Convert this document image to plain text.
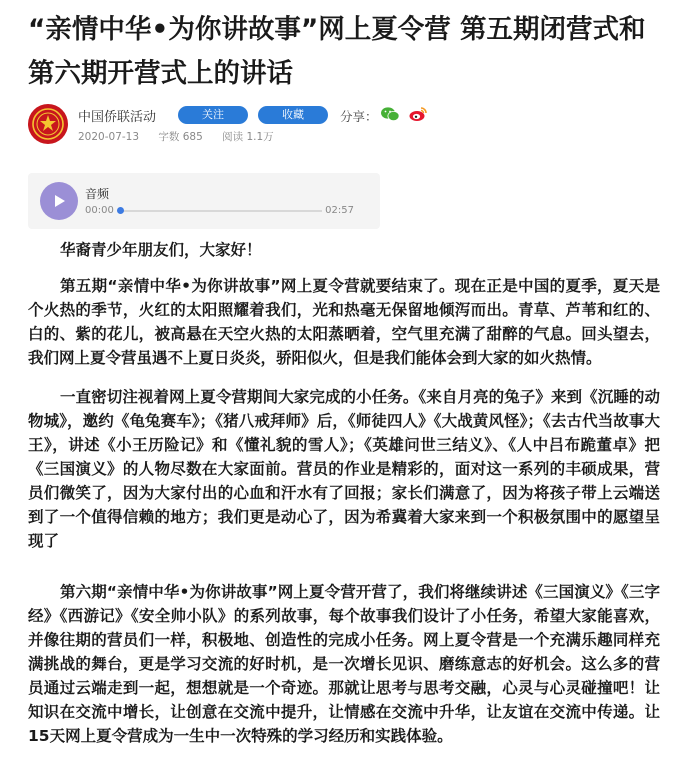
“亲情中华•为你讲故事”网上夏令营 第五期闭营式和第六期开营式上的讲话
中国侨联活动	关注	收藏	分享：
2020-07-13 字数 685 阅读 1.1万
音频
00:00	02:57
华裔青少年朋友们，大家好！

第五期“亲情中华•为你讲故事”网上夏令营就要结束了。现在正是中国的夏季，夏天是个火热的季节，火红的太阳照耀着我们，光和热毫无保留地倾泻而出。青草、芦苇和红的、白的、紫的花儿，被高悬在天空火热的太阳蒸晒着，空气里充满了甜醉的气息。回头望去，我们网上夏令营虽遇不上夏日炎炎，骄阳似火，但是我们能体会到大家的如火热情。

一直密切注视着网上夏令营期间大家完成的小任务。《来自月亮的兔子》来到《沉睡的动物城》，邀约《龟兔赛车》；《猪八戒拜师》后，《师徒四人》《大战黄风怪》；《去古代当故事大王》，讲述《小王历险记》和《懂礼貌的雪人》；《英雄问世三结义》、《人中吕布跪董卓》把《三国演义》的人物尽数在大家面前。营员的作业是精彩的，面对这一系列的丰硕成果，营员们微笑了，因为大家付出的心血和汗水有了回报；家长们满意了，因为将孩子带上云端送到了一个值得信赖的地方；我们更是动心了，因为希冀着大家来到一个积极氛围中的愿望呈现了

第六期“亲情中华•为你讲故事”网上夏令营开营了，我们将继续讲述《三国演义》《三字经》《西游记》《安全帅小队》的系列故事，每个故事我们设计了小任务，希望大家能喜欢，并像往期的营员们一样，积极地、创造性的完成小任务。网上夏令营是一个充满乐趣同样充满挑战的舞台，更是学习交流的好时机，是一次增长见识、磨练意志的好机会。这么多的营员通过云端走到一起，想想就是一个奇迹。那就让思考与思考交融，心灵与心灵碰撞吧！让知识在交流中增长，让创意在交流中提升，让情感在交流中升华，让友谊在交流中传递。让15天网上夏令营成为一生中一次特殊的学习经历和实践体验。
